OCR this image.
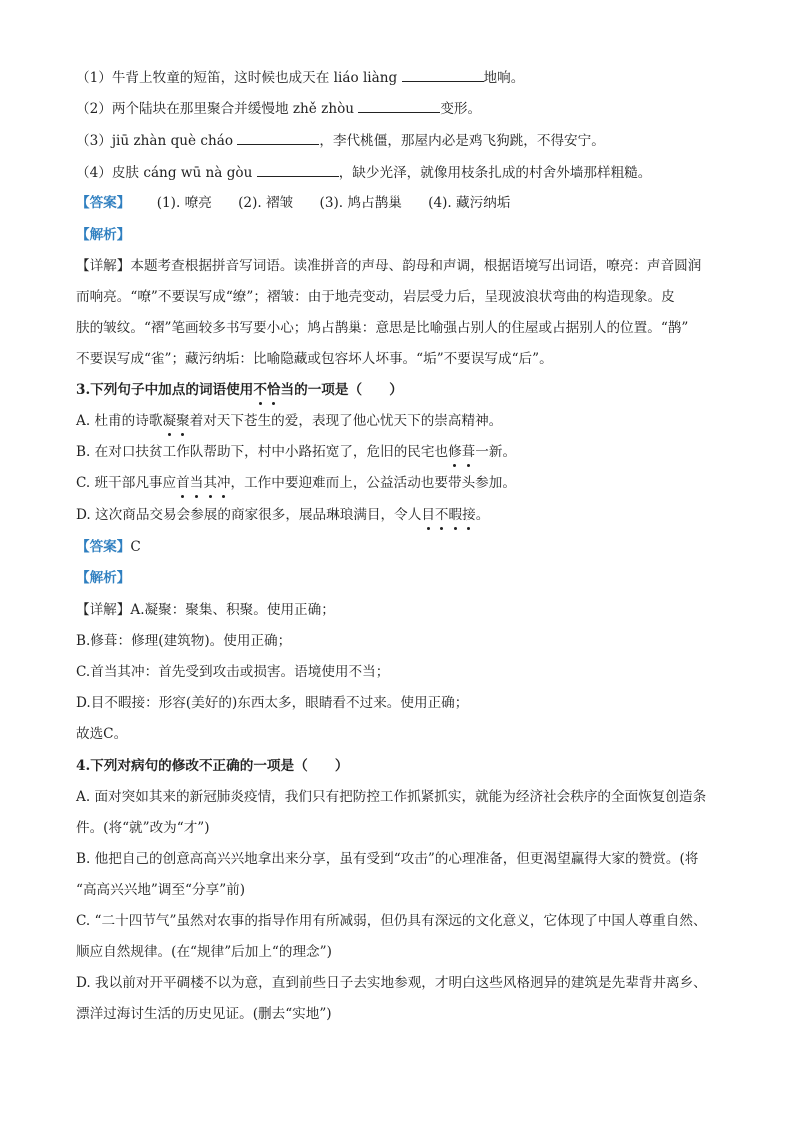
（1）牛背上牧童的短笛，这时候也成天在 liáo liàng	地响。
（2）两个陆块在那里聚合并缓慢地 zhě zhòu	变形。
（3）jiū zhàn què cháo	，李代桃僵，那屋内必是鸡飞狗跳，不得安宁。
（4）皮肤 cáng wū nà gòu	，缺少光泽，就像用枝条扎成的村舍外墙那样粗糙。
【答案】 (1). 嘹亮 (2). 褶皱 (3). 鸠占鹊巢 (4). 藏污纳垢
【解析】
【详解】本题考查根据拼音写词语。读准拼音的声母、韵母和声调，根据语境写出词语，嘹亮：声音圆润
而响亮。“嘹”不要误写成“缭”；褶皱：由于地壳变动，岩层受力后，呈现波浪状弯曲的构造现象。皮
肤的皱纹。“褶”笔画较多书写要小心；鸠占鹊巢：意思是比喻强占别人的住屋或占据别人的位置。“鹊”
不要误写成“雀”；藏污纳垢：比喻隐藏或包容坏人坏事。“垢”不要误写成“后”。
3.下列句子中加点的词语使用不恰当的一项是（　　）
A. 杜甫的诗歌凝聚着对天下苍生的爱，表现了他心忧天下的崇高精神。
B. 在对口扶贫工作队帮助下，村中小路拓宽了，危旧的民宅也修葺一新。
C. 班干部凡事应首当其冲，工作中要迎难而上，公益活动也要带头参加。
D. 这次商品交易会参展的商家很多，展品琳琅满目，令人目不暇接。
【答案】C
【解析】
【详解】A.凝聚：聚集、积聚。使用正确；
B.修葺：修理(建筑物)。使用正确；
C.首当其冲：首先受到攻击或损害。语境使用不当；
D.目不暇接：形容(美好的)东西太多，眼睛看不过来。使用正确；
故选C。
4.下列对病句的修改不正确的一项是（　　）
A. 面对突如其来的新冠肺炎疫情，我们只有把防控工作抓紧抓实，就能为经济社会秩序的全面恢复创造条
件。(将“就”改为“才”)
B. 他把自己的创意高高兴兴地拿出来分享，虽有受到“攻击”的心理准备，但更渴望赢得大家的赞赏。(将
“高高兴兴地”调至“分享”前)
C. “二十四节气”虽然对农事的指导作用有所减弱，但仍具有深远的文化意义，它体现了中国人尊重自然、
顺应自然规律。(在“规律”后加上“的理念”)
D. 我以前对开平碉楼不以为意，直到前些日子去实地参观，才明白这些风格迥异的建筑是先辈背井离乡、
漂洋过海讨生活的历史见证。(删去“实地”)
